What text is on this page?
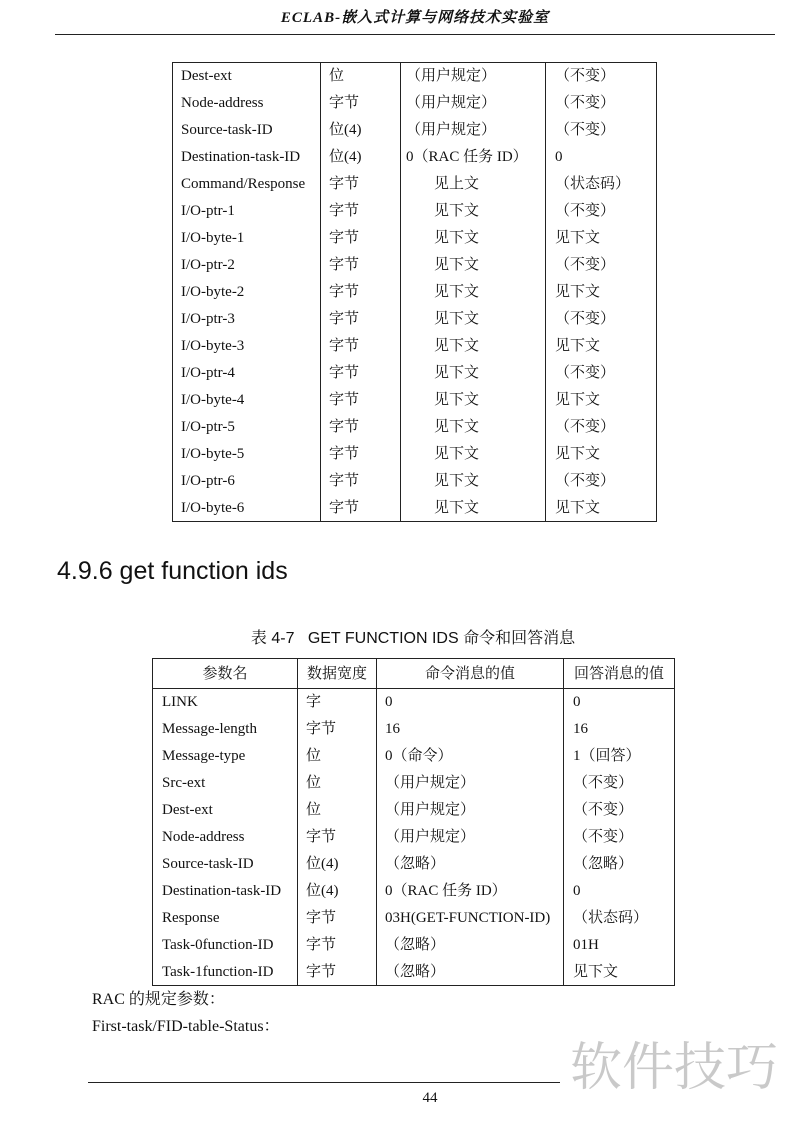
ECLAB-嵌入式计算与网络技术实验室
Dest-ext	位	（用户规定）	（不变）
Node-address	字节	（用户规定）	（不变）
Source-task-ID	位(4)	（用户规定）	（不变）
Destination-task-ID	位(4)	0（RAC 任务 ID）	0
Command/Response	字节	见上文	（状态码）
I/O-ptr-1	字节	见下文	（不变）
I/O-byte-1	字节	见下文	见下文
I/O-ptr-2	字节	见下文	（不变）
I/O-byte-2	字节	见下文	见下文
I/O-ptr-3	字节	见下文	（不变）
I/O-byte-3	字节	见下文	见下文
I/O-ptr-4	字节	见下文	（不变）
I/O-byte-4	字节	见下文	见下文
I/O-ptr-5	字节	见下文	（不变）
I/O-byte-5	字节	见下文	见下文
I/O-ptr-6	字节	见下文	（不变）
I/O-byte-6	字节	见下文	见下文
4.9.6 get function ids
表 4-7   GET FUNCTION IDS 命令和回答消息
参数名	数据宽度	命令消息的值	回答消息的值
LINK	字	0	0
Message-length	字节	16	16
Message-type	位	0（命令）	1（回答）
Src-ext	位	（用户规定）	（不变）
Dest-ext	位	（用户规定）	（不变）
Node-address	字节	（用户规定）	（不变）
Source-task-ID	位(4)	（忽略）	（忽略）
Destination-task-ID	位(4)	0（RAC 任务 ID）	0
Response	字节	03H(GET-FUNCTION-ID)	（状态码）
Task-0function-ID	字节	（忽略）	01H
Task-1function-ID	字节	（忽略）	见下文
RAC 的规定参数：
First-task/FID-table-Status：
44	软件技巧
